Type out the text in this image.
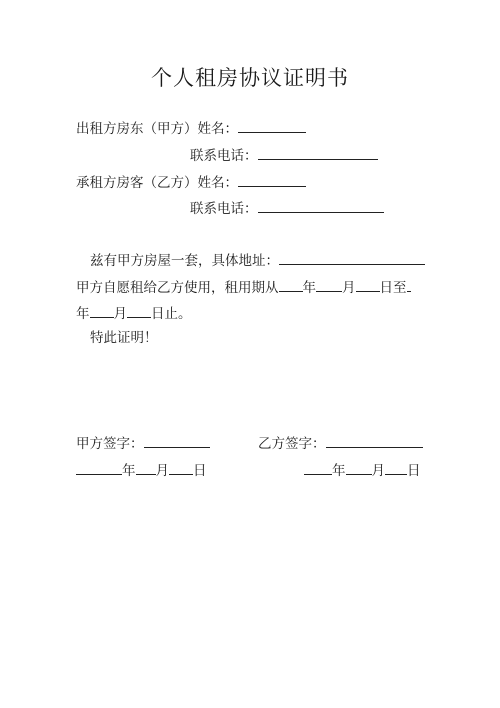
个人租房协议证明书
出租方房东（甲方）姓名：
联系电话：
承租方房客（乙方）姓名：
联系电话：
兹有甲方房屋一套，具体地址：
甲方自愿租给乙方使用，租用期从 年 月 日至
年 月 日止。
特此证明！
甲方签字：	乙方签字：
年 月 日	年 月 日
